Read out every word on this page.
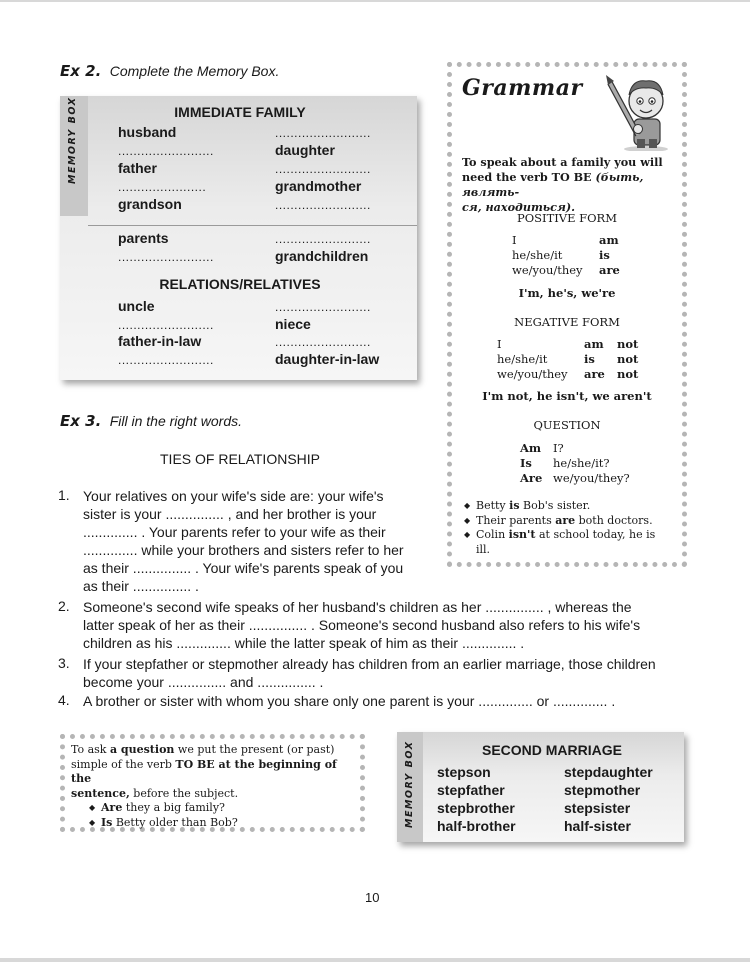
Ex 2. Complete the Memory Box.
MEMORY BOX	IMMEDIATE FAMILY
husband	.........................
.........................	daughter
father	.........................
.......................	grandmother
grandson	.........................
parents	.........................
.........................	grandchildren
RELATIONS/RELATIVES
uncle	.........................
.........................	niece
father-in-law	.........................
.........................	daughter-in-law
Grammar
To speak about a family you will
need the verb TO BE (быть, являть-
ся, находиться).
POSITIVE FORM
I	am
he/she/it	is
we/you/they are
I'm, he's, we're
NEGATIVE FORM
I	am not
he/she/it	is not
we/you/they are not
I'm not, he isn't, we aren't
QUESTION
Am I?
Is he/she/it?
Are we/you/they?
◆ Betty is Bob's sister.
◆ Their parents are both doctors.
◆ Colin isn't at school today, he is
ill.
Ex 3. Fill in the right words.
TIES OF RELATIONSHIP
1. Your relatives on your wife's side are: your wife's
sister is your ............... , and her brother is your
.............. . Your parents refer to your wife as their
.............. while your brothers and sisters refer to her
as their ............... . Your wife's parents speak of you
as their ............... .
2. Someone's second wife speaks of her husband's children as her ............... , whereas the
latter speak of her as their ............... . Someone's second husband also refers to his wife's
children as his .............. while the latter speak of him as their .............. .
3. If your stepfather or stepmother already has children from an earlier marriage, those children
become your ............... and ............... .
4. A brother or sister with whom you share only one parent is your .............. or .............. .
To ask a question we put the present (or past)
simple of the verb TO BE at the beginning of the
sentence, before the subject.
◆ Are they a big family?
◆ Is Betty older than Bob?	MEMORY BOX	SECOND MARRIAGE
stepson	stepdaughter
stepfather	stepmother
stepbrother	stepsister
half-brother	half-sister
10
